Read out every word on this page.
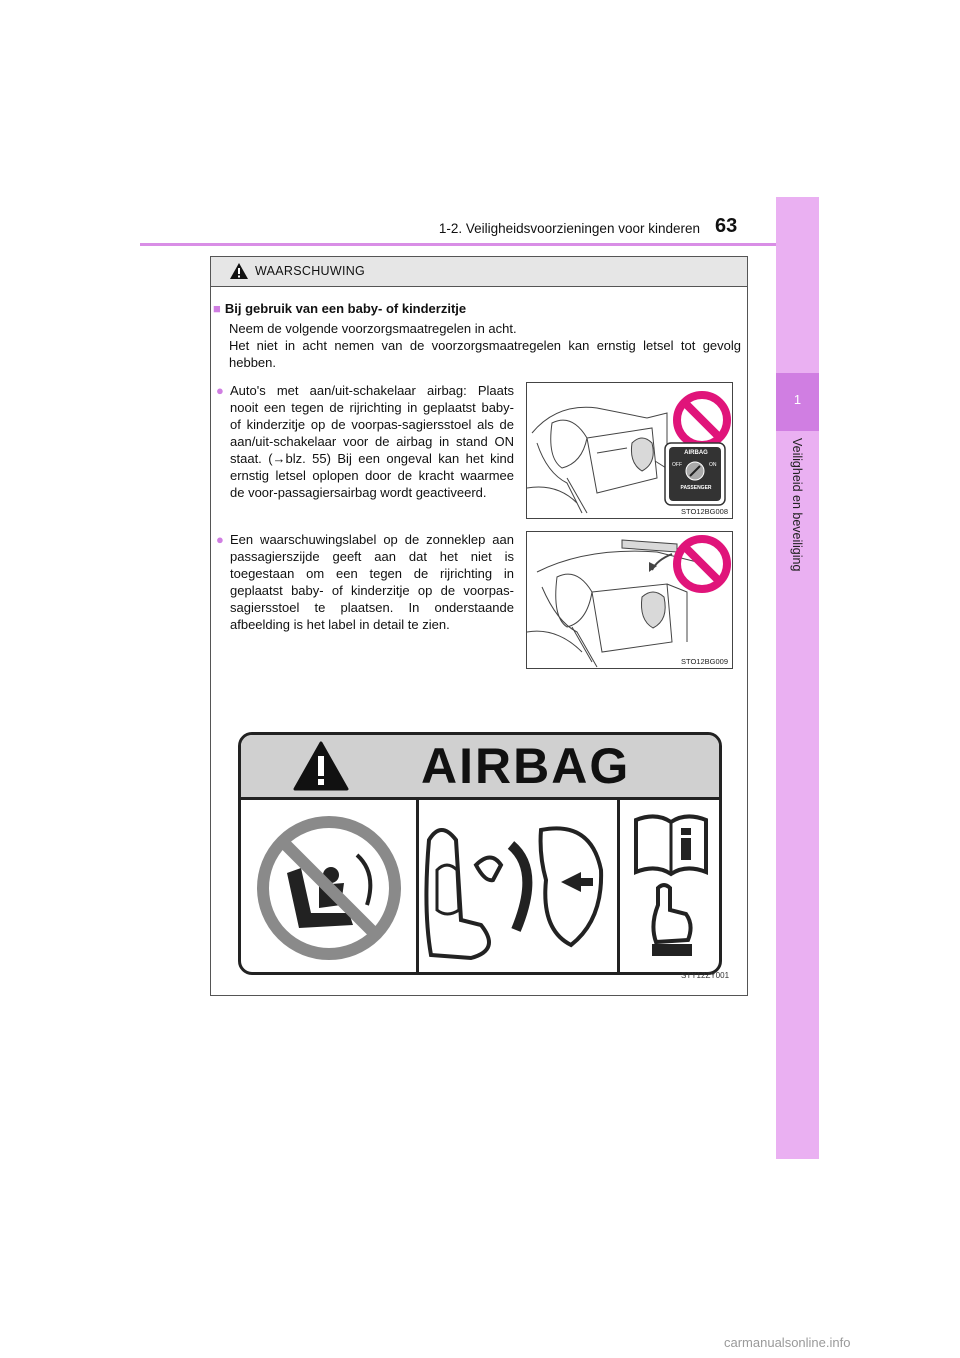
1-2. Veiligheidsvoorzieningen voor kinderen 63
1
Veiligheid en beveiliging
WAARSCHUWING
■ Bij gebruik van een baby- of kinderzitje
Neem de volgende voorzorgsmaatregelen in acht.
Het niet in acht nemen van de voorzorgsmaatregelen kan ernstig letsel tot gevolg hebben.
● Auto's met aan/uit-schakelaar airbag: Plaats nooit een tegen de rijrichting in geplaatst baby- of kinderzitje op de voorpas-sagiersstoel als de aan/uit-schakelaar voor de airbag in stand ON staat. (→blz. 55) Bij een ongeval kan het kind ernstig letsel oplopen door de kracht waarmee de voor-passagiersairbag wordt geactiveerd.
AIRBAG
OFF	ON
PASSENGER
STO12BG008
● Een waarschuwingslabel op de zonneklep aan passagierszijde geeft aan dat het niet is toegestaan om een tegen de rijrichting in geplaatst baby- of kinderzitje op de voorpas-sagiersstoel te plaatsen. In onderstaande afbeelding is het label in detail te zien.
STO12BG009
AIRBAG
STY12ZY001
carmanualsonline.info
